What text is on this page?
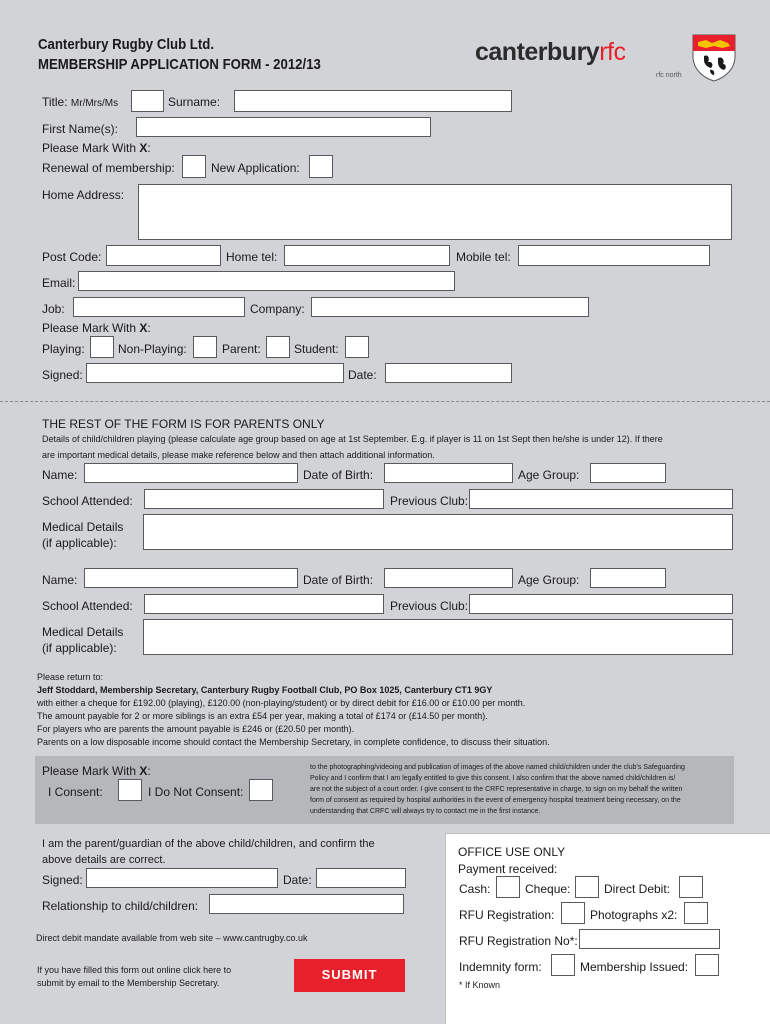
Canterbury Rugby Club Ltd.
MEMBERSHIP APPLICATION FORM - 2012/13	canterburyrfc
rfc north
Title: Mr/Mrs/Ms	Surname:
First Name(s):
Please Mark With X:
Renewal of membership:	New Application:
Home Address:
Post Code:	Home tel:	Mobile tel:
Email:
Job:	Company:
Please Mark With X:
Playing:	Non-Playing:	Parent:	Student:
Signed:	Date:
THE REST OF THE FORM IS FOR PARENTS ONLY
Details of child/children playing (please calculate age group based on age at 1st September. E.g. if player is 11 on 1st Sept then he/she is under 12). If there
are important medical details, please make reference below and then attach additional information.
Name:	Date of Birth:	Age Group:
School Attended:	Previous Club:
Medical Details
(if applicable):
Name:	Date of Birth:	Age Group:
School Attended:	Previous Club:
Medical Details
(if applicable):
Please return to:
Jeff Stoddard, Membership Secretary, Canterbury Rugby Football Club, PO Box 1025, Canterbury CT1 9GY
with either a cheque for £192.00 (playing), £120.00 (non-playing/student) or by direct debit for £16.00 or £10.00 per month.
The amount payable for 2 or more siblings is an extra £54 per year, making a total of £174 or (£14.50 per month).
For players who are parents the amount payable is £246 or (£20.50 per month).
Parents on a low disposable income should contact the Membership Secretary, in complete confidence, to discuss their situation.
Please Mark With X:
I Consent:	I Do Not Consent:
to the photographing/videoing and publication of images of the above named child/children under the club's Safeguarding
Policy and I confirm that I am legally entitled to give this consent. I also confirm that the above named child/children is/
are not the subject of a court order. I give consent to the CRFC representative in charge, to sign on my behalf the written
form of consent as required by hospital authorities in the event of emergency hospital treatment being necessary, on the
understanding that CRFC will always try to contact me in the first instance.
I am the parent/guardian of the above child/children, and confirm the
above details are correct.
Signed:	Date:
Relationship to child/children:
Direct debit mandate available from web site – www.cantrugby.co.uk
If you have filled this form out online click here to
submit by email to the Membership Secretary.
SUBMIT
OFFICE USE ONLY
Payment received:
Cash:	Cheque:	Direct Debit:
RFU Registration:	Photographs x2:
RFU Registration No*:
Indemnity form:	Membership Issued:
* If Known
